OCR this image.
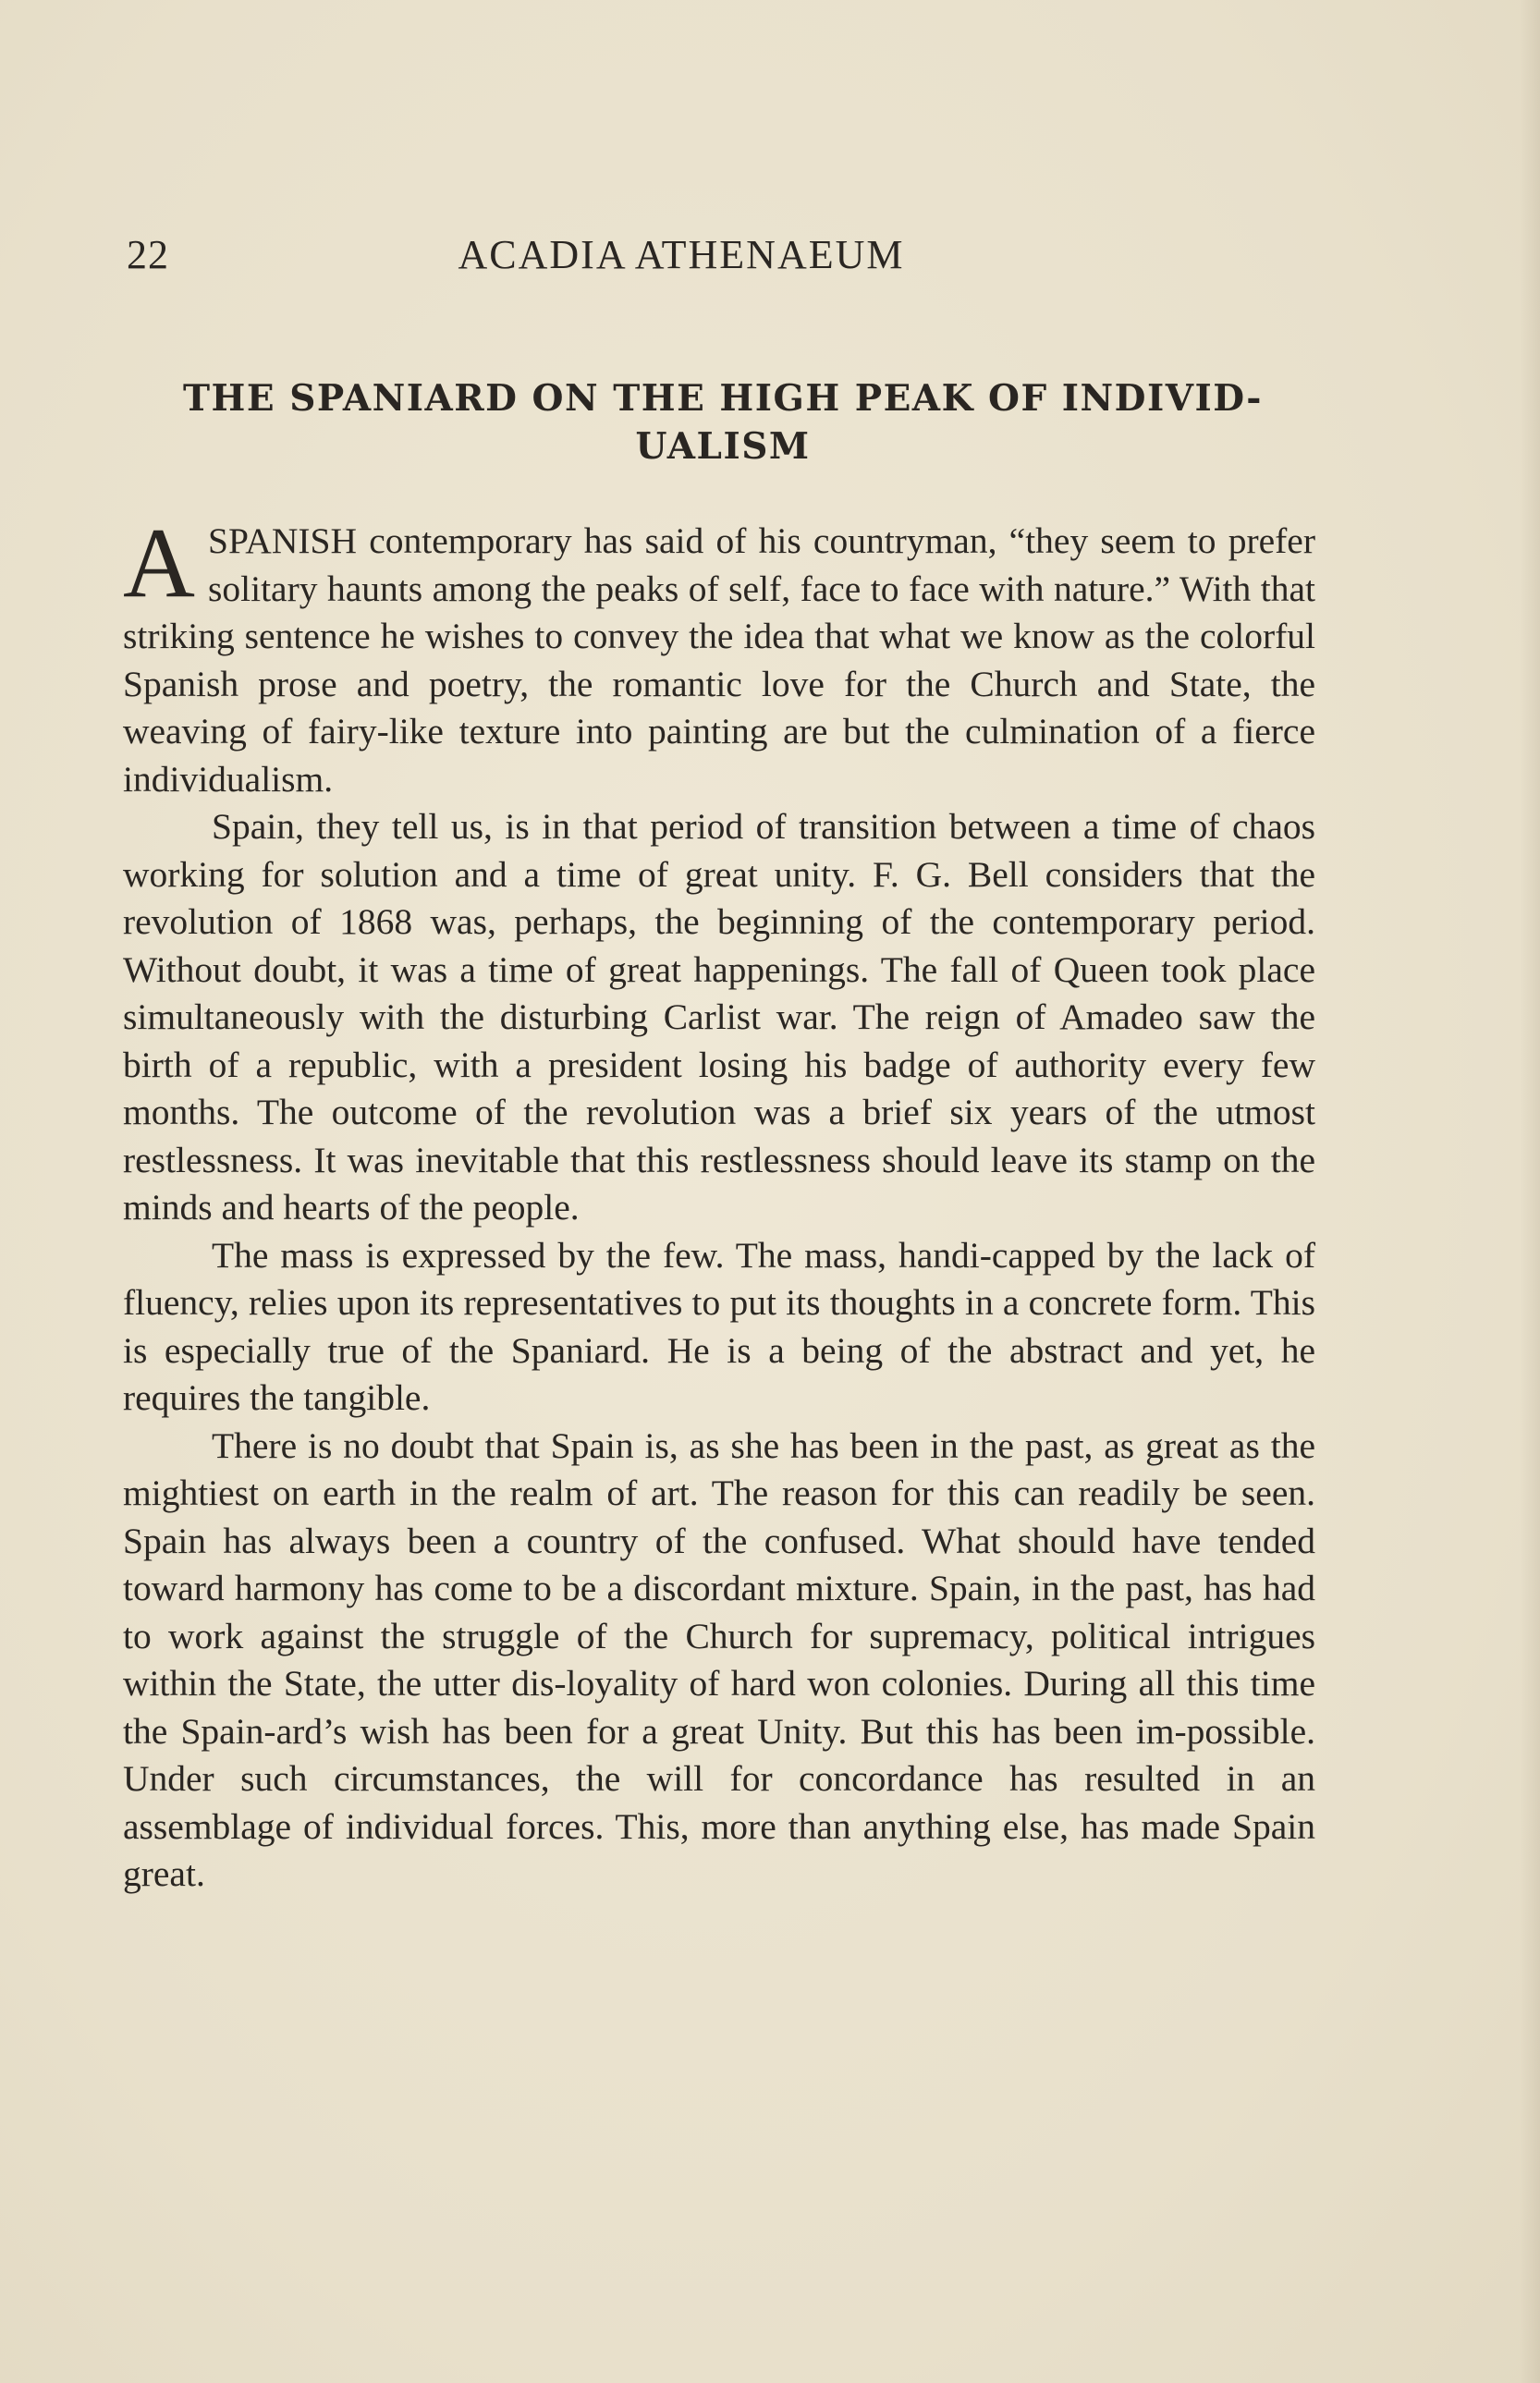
22	ACADIA ATHENAEUM
THE SPANIARD ON THE HIGH PEAK OF INDIVID-UALISM

A SPANISH contemporary has said of his countryman, “they seem to prefer solitary haunts among the peaks of self, face to face with nature.” With that striking sentence he wishes to convey the idea that what we know as the colorful Spanish prose and poetry, the romantic love for the Church and State, the weaving of fairy-like texture into painting are but the culmination of a fierce individualism.

Spain, they tell us, is in that period of transition between a time of chaos working for solution and a time of great unity. F. G. Bell considers that the revolution of 1868 was, perhaps, the beginning of the contemporary period. Without doubt, it was a time of great happenings. The fall of Queen took place simultaneously with the disturbing Carlist war. The reign of Amadeo saw the birth of a republic, with a president losing his badge of authority every few months. The outcome of the revolution was a brief six years of the utmost restlessness. It was inevitable that this restlessness should leave its stamp on the minds and hearts of the people.

The mass is expressed by the few. The mass, handi-capped by the lack of fluency, relies upon its representatives to put its thoughts in a concrete form. This is especially true of the Spaniard. He is a being of the abstract and yet, he requires the tangible.

There is no doubt that Spain is, as she has been in the past, as great as the mightiest on earth in the realm of art. The reason for this can readily be seen. Spain has always been a country of the confused. What should have tended toward harmony has come to be a discordant mixture. Spain, in the past, has had to work against the struggle of the Church for supremacy, political intrigues within the State, the utter dis-loyality of hard won colonies. During all this time the Spain-ard’s wish has been for a great Unity. But this has been im-possible. Under such circumstances, the will for concordance has resulted in an assemblage of individual forces. This, more than anything else, has made Spain great.
